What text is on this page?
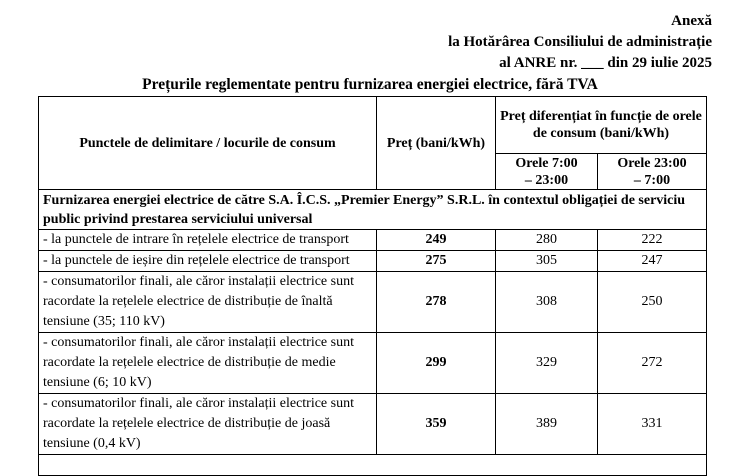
Anexă
la Hotărârea Consiliului de administrație
al ANRE nr. ___ din 29 iulie 2025
Prețurile reglementate pentru furnizarea energiei electrice, fără TVA
Punctele de delimitare / locurile de consum	Preț (bani/kWh)	Preț diferențiat în funcție de orele de consum (bani/kWh)	
		Orele 7:00 – 23:00	Orele 23:00 – 7:00
Furnizarea energiei electrice de către S.A. Î.C.S. „Premier Energy” S.R.L. în contextul obligației de serviciu public privind prestarea serviciului universal			
- la punctele de intrare în rețelele electrice de transport	249	280	222
- la punctele de ieșire din rețelele electrice de transport	275	305	247
- consumatorilor finali, ale căror instalații electrice sunt racordate la rețelele electrice de distribuție de înaltă tensiune (35; 110 kV)	278	308	250
- consumatorilor finali, ale căror instalații electrice sunt racordate la rețelele electrice de distribuție de medie tensiune (6; 10 kV)	299	329	272
- consumatorilor finali, ale căror instalații electrice sunt racordate la rețelele electrice de distribuție de joasă tensiune (0,4 kV)	359	389	331
